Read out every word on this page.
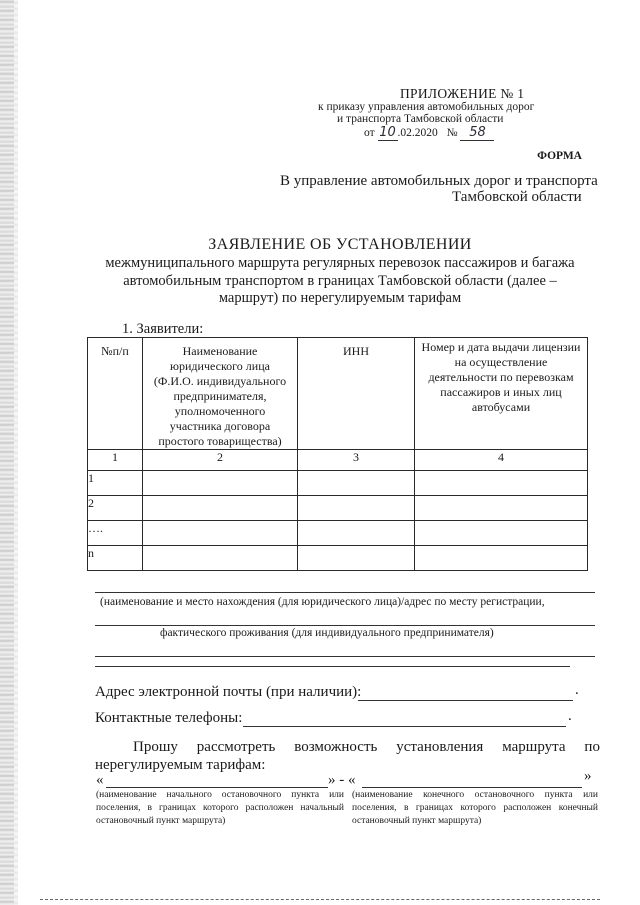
ПРИЛОЖЕНИЕ № 1
к приказу управления автомобильных дорог
и транспорта Тамбовской области
от 10 .02.2020 № 58
ФОРМА
В управление автомобильных дорог и транспорта
Тамбовской области
ЗАЯВЛЕНИЕ ОБ УСТАНОВЛЕНИИ
межмуниципального маршрута регулярных перевозок пассажиров и багажа
автомобильным транспортом в границах Тамбовской области (далее –
маршрут) по нерегулируемым тарифам
1. Заявители:
№п/п	Наименование юридического лица (Ф.И.О. индивидуального предпринимателя, уполномоченного участника договора простого товарищества)	ИНН	Номер и дата выдачи лицензии на осуществление деятельности по перевозкам пассажиров и иных лиц автобусами
1	2	3	4
1			
2			
….			
n			
(наименование и место нахождения (для юридического лица)/адрес по месту регистрации,
фактического проживания (для индивидуального предпринимателя)
Адрес электронной почты (при наличии):	.
Контактные телефоны:	.
Прошу рассмотреть возможность установления маршрута по
нерегулируемым тарифам:
«	» - «	»
(наименование начального остановочного пункта или поселения, в границах которого расположен начальный остановочный пункт маршрута)
(наименование конечного остановочного пункта или поселения, в границах которого расположен конечный остановочный пункт маршрута)
